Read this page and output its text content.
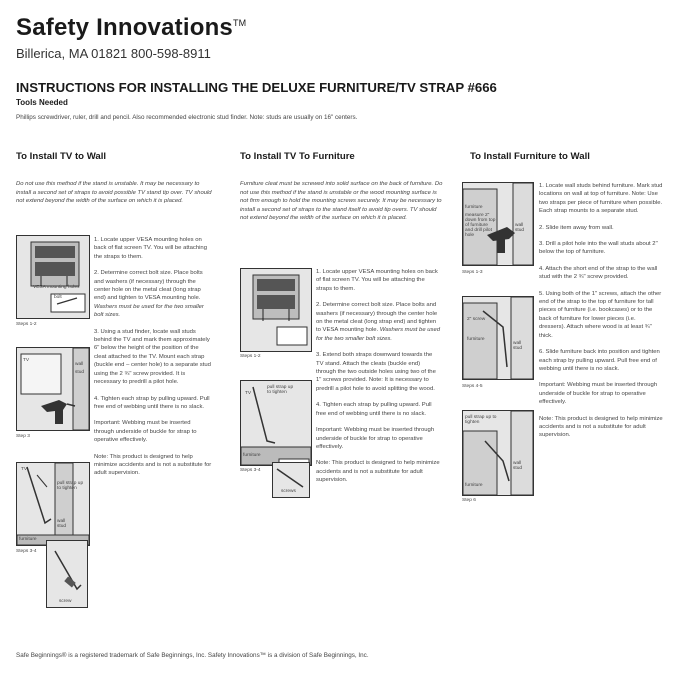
Safety Innovations™
Billerica, MA 01821 800-598-8911
INSTRUCTIONS FOR INSTALLING THE DELUXE FURNITURE/TV STRAP #666
Tools Needed
Phillips screwdriver, ruler, drill and pencil. Also recommended electronic stud finder. Note: studs are usually on 16" centers.
To Install TV to Wall
Do not use this method if the stand is unstable. It may be necessary to install a second set of straps to avoid possible TV stand tip over. TV should not extend beyond the width of the surface on which it is placed.
VESA mounting holes
bolt
Steps 1-2
TV
wall
stud
Step 3
TV
pull strap up to tighten
wall stud
furniture
Steps 3-4
screw

1. Locate upper VESA mounting holes on back of flat screen TV. You will be attaching the straps to them.

2. Determine correct bolt size. Place bolts and washers (if necessary) through the center hole on the metal cleat (long strap end) and tighten to VESA mounting hole. Washers must be used for the two smaller bolt sizes.

3. Using a stud finder, locate wall studs behind the TV and mark them approximately 6" below the height of the position of the cleat attached to the TV. Mount each strap (buckle end – center hole) to a separate stud using the 2 ¾" screw provided. It is necessary to predrill a pilot hole.

4. Tighten each strap by pulling upward. Pull free end of webbing until there is no slack.

Important: Webbing must be inserted through underside of buckle for strap to operative effectively.

Note: This product is designed to help minimize accidents and is not a substitute for adult supervision.

To Install TV To Furniture
Furniture cleat must be screwed into solid surface on the back of furniture. Do not use this method if the stand is unstable or the wood mounting surface is not firm enough to hold the mounting screws securely. It may be necessary to install a second set of straps to the stand itself to avoid tip overs. TV should not extend beyond the width of the surface on which it is placed.
Steps 1-2
TV
pull strap up to tighten
furniture
Steps 3-4
screws

1. Locate upper VESA mounting holes on back of flat screen TV. You will be attaching the straps to them.

2. Determine correct bolt size. Place bolts and washers (if necessary) through the center hole on the metal cleat (long strap end) and tighten to VESA mounting hole. Washers must be used for the two smaller bolt sizes.

3. Extend both straps downward towards the TV stand. Attach the cleats (buckle end) through the two outside holes using two of the 1" screws provided. Note: It is necessary to predrill a pilot hole to avoid splitting the wood.

4. Tighten each strap by pulling upward. Pull free end of webbing until there is no slack.

Important: Webbing must be inserted through underside of buckle for strap to operative effectively.

Note: This product is designed to help minimize accidents and is not a substitute for adult supervision.

To Install Furniture to Wall
furniture
measure 2" down from top of furniture and drill pilot hole
wall stud
Steps 1-3
2" screw
furniture
wall stud
Steps 4-5
pull strap up to tighten
wall stud
furniture
Step 6

1. Locate wall studs behind furniture. Mark stud locations on wall at top of furniture. Note: Use two straps per piece of furniture when possible. Each strap mounts to a separate stud.

2. Slide item away from wall.

3. Drill a pilot hole into the wall studs about 2" below the top of furniture.

4. Attach the short end of the strap to the wall stud with the 2 ¾" screw provided.

5. Using both of the 1" screws, attach the other end of the strap to the top of furniture for tall pieces of furniture (i.e. bookcases) or to the back of furniture for lower pieces (i.e. dressers). Attach where wood is at least ¾" thick.

6. Slide furniture back into position and tighten each strap by pulling upward. Pull free end of webbing until there is no slack.

Important: Webbing must be inserted through underside of buckle for strap to operative effectively.

Note: This product is designed to help minimize accidents and is not a substitute for adult supervision.

Safe Beginnings® is a registered trademark of Safe Beginnings, Inc. Safety Innovations™ is a division of Safe Beginnings, Inc.
